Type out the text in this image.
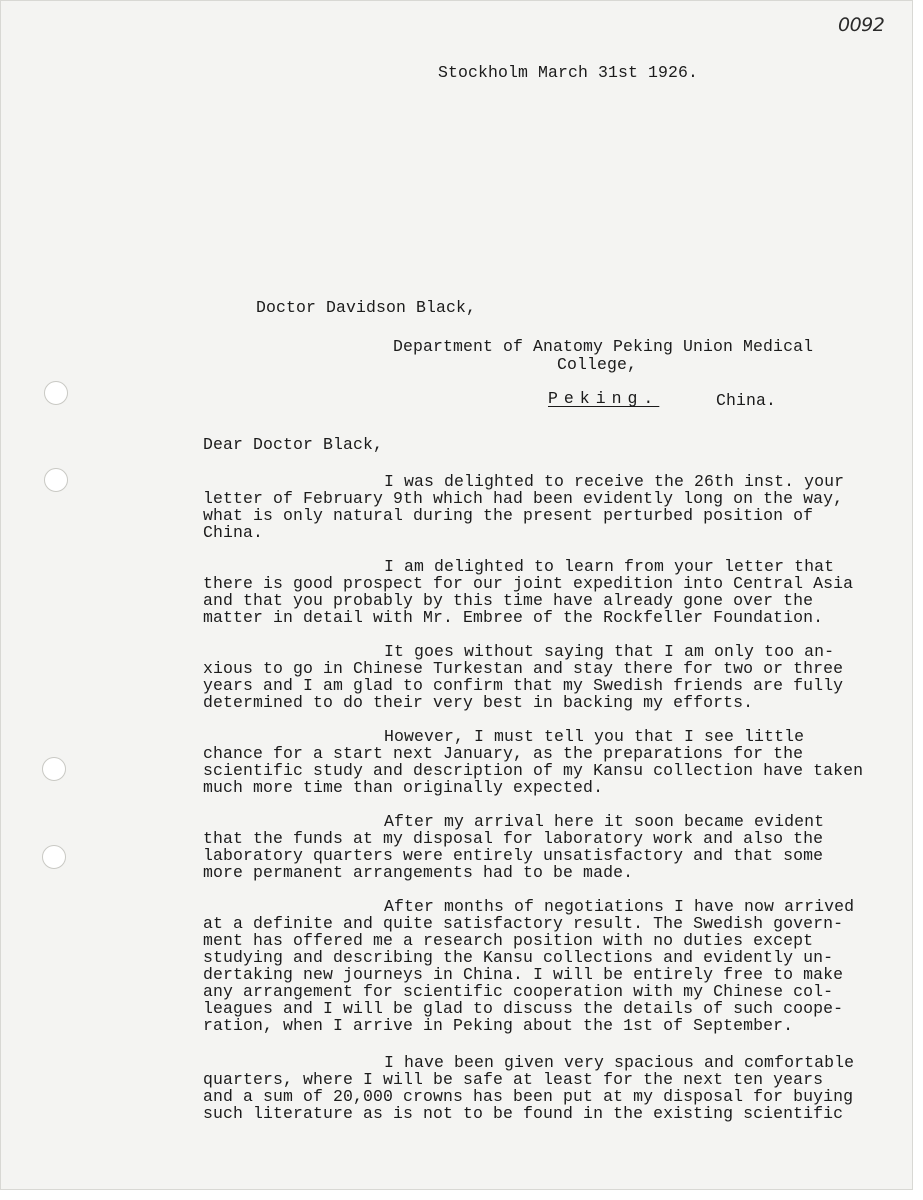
0092
Stockholm March 31st 1926.
Doctor Davidson Black,
Department of Anatomy Peking Union Medical
College,
Peking.	China.
Dear Doctor Black,
I was delighted to receive the 26th inst. your
letter of February 9th which had been evidently long on the way,
what is only natural during the present perturbed position of
China.
I am delighted to learn from your letter that
there is good prospect for our joint expedition into Central Asia
and that you probably by this time have already gone over the
matter in detail with Mr. Embree of the Rockfeller Foundation.
It goes without saying that I am only too an-
xious to go in Chinese Turkestan and stay there for two or three
years and I am glad to confirm that my Swedish friends are fully
determined to do their very best in backing my efforts.
However, I must tell you that I see little
chance for a start next January, as the preparations for the
scientific study and description of my Kansu collection have taken
much more time than originally expected.
After my arrival here it soon became evident
that the funds at my disposal for laboratory work and also the
laboratory quarters were entirely unsatisfactory and that some
more permanent arrangements had to be made.
After months of negotiations I have now arrived
at a definite and quite satisfactory result. The Swedish govern-
ment has offered me a research position with no duties except
studying and describing the Kansu collections and evidently un-
dertaking new journeys in China. I will be entirely free to make
any arrangement for scientific cooperation with my Chinese col-
leagues and I will be glad to discuss the details of such coope-
ration, when I arrive in Peking about the 1st of September.
I have been given very spacious and comfortable
quarters, where I will be safe at least for the next ten years
and a sum of 20,000 crowns has been put at my disposal for buying
such literature as is not to be found in the existing scientific
